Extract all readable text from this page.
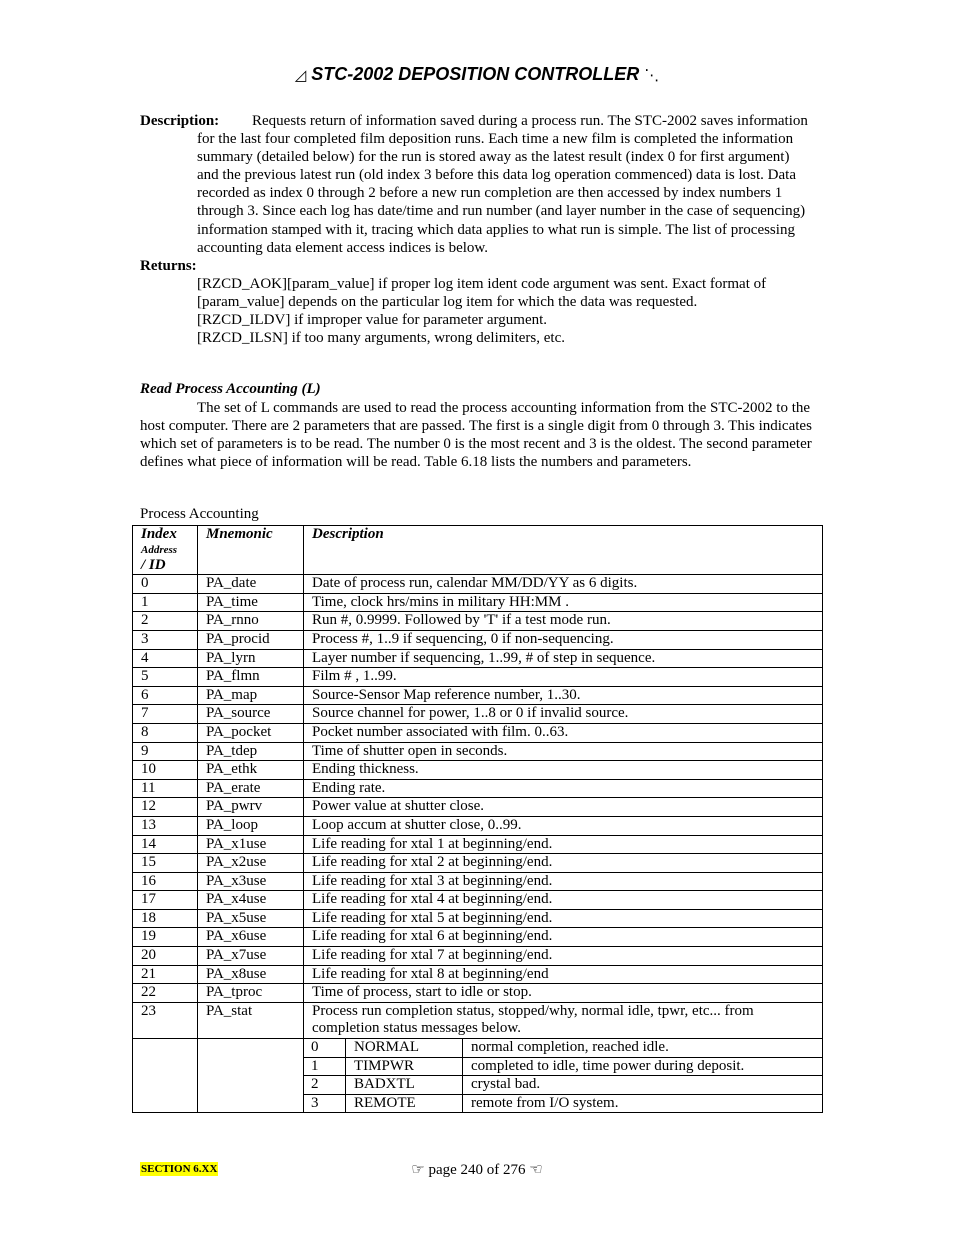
◿ STC-2002 DEPOSITION CONTROLLER ⋱

Description: Requests return of information saved during a process run. The STC-2002 saves information for the last four completed film deposition runs. Each time a new film is completed the information summary (detailed below) for the run is stored away as the latest result (index 0 for first argument) and the previous latest run (old index 3 before this data log operation commenced) data is lost. Data recorded as index 0 through 2 before a new run completion are then accessed by index numbers 1 through 3. Since each log has date/time and run number (and layer number in the case of sequencing) information stamped with it, tracing which data applies to what run is simple. The list of processing accounting data element access indices is below.

Returns:

[RZCD_AOK][param_value] if proper log item ident code argument was sent. Exact format of [param_value] depends on the particular log item for which the data was requested.

[RZCD_ILDV] if improper value for parameter argument.

[RZCD_ILSN] if too many arguments, wrong delimiters, etc.

Read Process Accounting (L)

The set of L commands are used to read the process accounting information from the STC-2002 to the host computer. There are 2 parameters that are passed. The first is a single digit from 0 through 3. This indicates which set of parameters is to be read. The number 0 is the most recent and 3 is the oldest. The second parameter defines what piece of information will be read. Table 6.18 lists the numbers and parameters.

Process Accounting
Index
Address
/ ID	Mnemonic	Description
0	PA_date	Date of process run, calendar MM/DD/YY as 6 digits.
1	PA_time	Time, clock hrs/mins in military HH:MM .
2	PA_rnno	Run #, 0.9999. Followed by 'T' if a test mode run.
3	PA_procid	Process #, 1..9 if sequencing, 0 if non-sequencing.
4	PA_lyrn	Layer number if sequencing, 1..99, # of step in sequence.
5	PA_flmn	Film # , 1..99.
6	PA_map	Source-Sensor Map reference number, 1..30.
7	PA_source	Source channel for power, 1..8 or 0 if invalid source.
8	PA_pocket	Pocket number associated with film. 0..63.
9	PA_tdep	Time of shutter open in seconds.
10	PA_ethk	Ending thickness.
11	PA_erate	Ending rate.
12	PA_pwrv	Power value at shutter close.
13	PA_loop	Loop accum at shutter close, 0..99.
14	PA_x1use	Life reading for xtal 1 at beginning/end.
15	PA_x2use	Life reading for xtal 2 at beginning/end.
16	PA_x3use	Life reading for xtal 3 at beginning/end.
17	PA_x4use	Life reading for xtal 4 at beginning/end.
18	PA_x5use	Life reading for xtal 5 at beginning/end.
19	PA_x6use	Life reading for xtal 6 at beginning/end.
20	PA_x7use	Life reading for xtal 7 at beginning/end.
21	PA_x8use	Life reading for xtal 8 at beginning/end
22	PA_tproc	Time of process, start to idle or stop.
23	PA_stat	Process run completion status, stopped/why, normal idle, tpwr, etc... from completion status messages below.

0	NORMAL	normal completion, reached idle.
1	TIMPWR	completed to idle, time power during deposit.
2	BADXTL	crystal bad.
3	REMOTE	remote from I/O system.
SECTION 6.XX	☞ page 240 of 276 ☜
